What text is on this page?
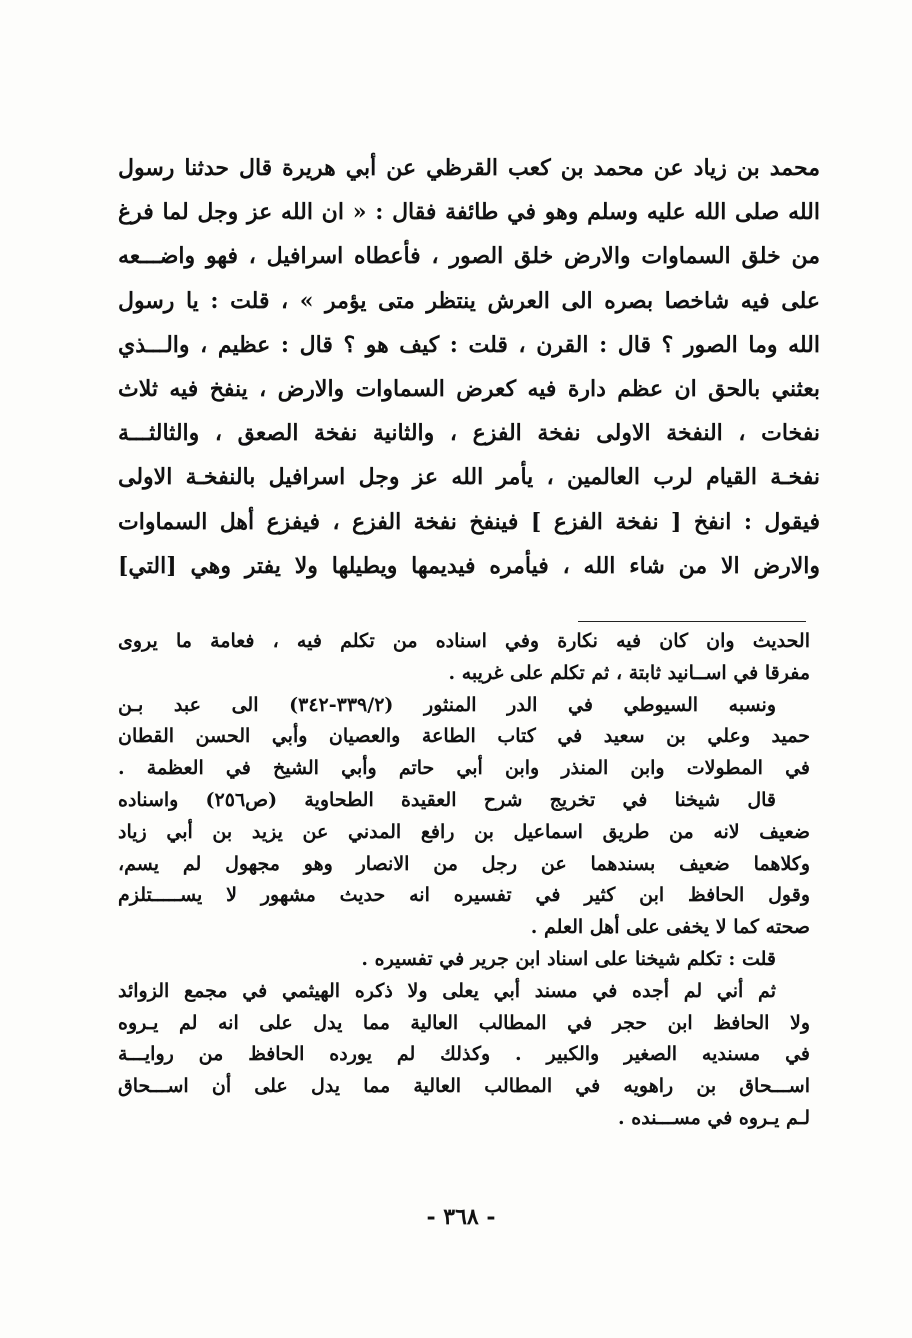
محمد بن زياد عن محمد بن كعب القرظي عن أبي هريرة قال حدثنا رسول
الله صلى الله عليه وسلم وهو في طائفة فقال : « ان الله عز وجل لما فرغ
من خلق السماوات والارض خلق الصور ، فأعطاه اسرافيل ، فهو واضـــعه
على فيه شاخصا بصره الى العرش ينتظر متى يؤمر » ، قلت : يا رسول
الله وما الصور ؟ قال : القرن ، قلت : كيف هو ؟ قال : عظيم ، والـــذي
بعثني بالحق ان عظم دارة فيه كعرض السماوات والارض ، ينفخ فيه ثلاث
نفخات ، النفخة الاولى نفخة الفزع ، والثانية نفخة الصعق ، والثالثـــة
نفخـة القيام لرب العالمين ، يأمر الله عز وجل اسرافيل بالنفخـة الاولى
فيقول : انفخ [ نفخة الفزع ] فينفخ نفخة الفزع ، فيفزع أهل السماوات
والارض الا من شاء الله ، فيأمره فيديمها ويطيلها ولا يفتر وهي [التي]
الحديث وان كان فيه نكارة وفي اسناده من تكلم فيه ، فعامة ما يروى
مفرقا في اســانيد ثابتة ، ثم تكلم على غريبه .
ونسبه السيوطي في الدر المنثور (٣٣٩/٢-٣٤٢) الى عبد بـن
حميد وعلي بن سعيد في كتاب الطاعة والعصيان وأبي الحسن القطان
في المطولات وابن المنذر وابن أبي حاتم وأبي الشيخ في العظمة .
قال شيخنا في تخريج شرح العقيدة الطحاوية (ص٢٥٦) واسناده
ضعيف لانه من طريق اسماعيل بن رافع المدني عن يزيد بن أبي زياد
وكلاهما ضعيف بسندهما عن رجل من الانصار وهو مجهول لم يسم،
وقول الحافظ ابن كثير في تفسيره انه حديث مشهور لا يســـــتلزم
صحته كما لا يخفى على أهل العلم .
قلت : تكلم شيخنا على اسناد ابن جرير في تفسيره .
ثم أني لم أجده في مسند أبي يعلى ولا ذكره الهيثمي في مجمع الزوائد
ولا الحافظ ابن حجر في المطالب العالية مما يدل على انه لم يـروه
في مسنديه الصغير والكبير . وكذلك لم يورده الحافظ من روايـــة
اســـحاق بن راهويه في المطالب العالية مما يدل على أن اســـحاق
لـم يـروه في مســـنده .
- ٣٦٨ -
